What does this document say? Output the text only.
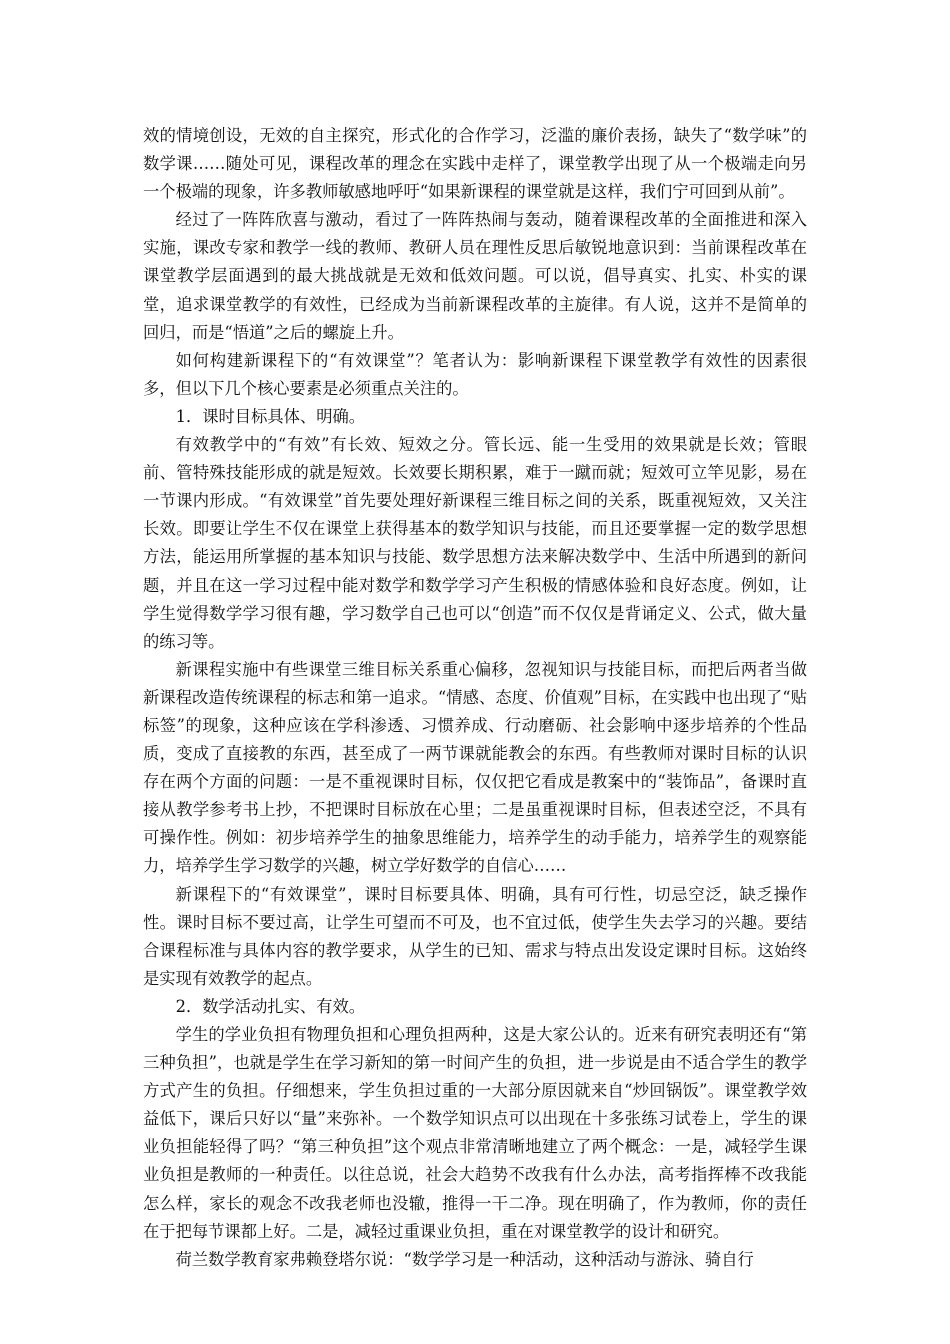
效的情境创设，无效的自主探究，形式化的合作学习，泛滥的廉价表扬，缺失了“数学味”的数学课……随处可见，课程改革的理念在实践中走样了，课堂教学出现了从一个极端走向另一个极端的现象，许多教师敏感地呼吁“如果新课程的课堂就是这样，我们宁可回到从前”。

经过了一阵阵欣喜与激动，看过了一阵阵热闹与轰动，随着课程改革的全面推进和深入实施，课改专家和教学一线的教师、教研人员在理性反思后敏锐地意识到：当前课程改革在课堂教学层面遇到的最大挑战就是无效和低效问题。可以说，倡导真实、扎实、朴实的课堂，追求课堂教学的有效性，已经成为当前新课程改革的主旋律。有人说，这并不是简单的回归，而是“悟道”之后的螺旋上升。

如何构建新课程下的“有效课堂”？笔者认为：影响新课程下课堂教学有效性的因素很多，但以下几个核心要素是必须重点关注的。

1．课时目标具体、明确。

有效教学中的“有效”有长效、短效之分。管长远、能一生受用的效果就是长效；管眼前、管特殊技能形成的就是短效。长效要长期积累，难于一蹴而就；短效可立竿见影，易在一节课内形成。“有效课堂”首先要处理好新课程三维目标之间的关系，既重视短效，又关注长效。即要让学生不仅在课堂上获得基本的数学知识与技能，而且还要掌握一定的数学思想方法，能运用所掌握的基本知识与技能、数学思想方法来解决数学中、生活中所遇到的新问题，并且在这一学习过程中能对数学和数学学习产生积极的情感体验和良好态度。例如，让学生觉得数学学习很有趣，学习数学自己也可以“创造”而不仅仅是背诵定义、公式，做大量的练习等。

新课程实施中有些课堂三维目标关系重心偏移，忽视知识与技能目标，而把后两者当做新课程改造传统课程的标志和第一追求。“情感、态度、价值观”目标，在实践中也出现了“贴标签”的现象，这种应该在学科渗透、习惯养成、行动磨砺、社会影响中逐步培养的个性品质，变成了直接教的东西，甚至成了一两节课就能教会的东西。有些教师对课时目标的认识存在两个方面的问题：一是不重视课时目标，仅仅把它看成是教案中的“装饰品”，备课时直接从教学参考书上抄，不把课时目标放在心里；二是虽重视课时目标，但表述空泛，不具有可操作性。例如：初步培养学生的抽象思维能力，培养学生的动手能力，培养学生的观察能力，培养学生学习数学的兴趣，树立学好数学的自信心……

新课程下的“有效课堂”，课时目标要具体、明确，具有可行性，切忌空泛，缺乏操作性。课时目标不要过高，让学生可望而不可及，也不宜过低，使学生失去学习的兴趣。要结合课程标准与具体内容的教学要求，从学生的已知、需求与特点出发设定课时目标。这始终是实现有效教学的起点。

2．数学活动扎实、有效。

学生的学业负担有物理负担和心理负担两种，这是大家公认的。近来有研究表明还有“第三种负担”，也就是学生在学习新知的第一时间产生的负担，进一步说是由不适合学生的教学方式产生的负担。仔细想来，学生负担过重的一大部分原因就来自“炒回锅饭”。课堂教学效益低下，课后只好以“量”来弥补。一个数学知识点可以出现在十多张练习试卷上，学生的课业负担能轻得了吗？“第三种负担”这个观点非常清晰地建立了两个概念：一是，减轻学生课业负担是教师的一种责任。以往总说，社会大趋势不改我有什么办法，高考指挥棒不改我能怎么样，家长的观念不改我老师也没辙，推得一干二净。现在明确了，作为教师，你的责任在于把每节课都上好。二是，减轻过重课业负担，重在对课堂教学的设计和研究。

荷兰数学教育家弗赖登塔尔说：“数学学习是一种活动，这种活动与游泳、骑自行
